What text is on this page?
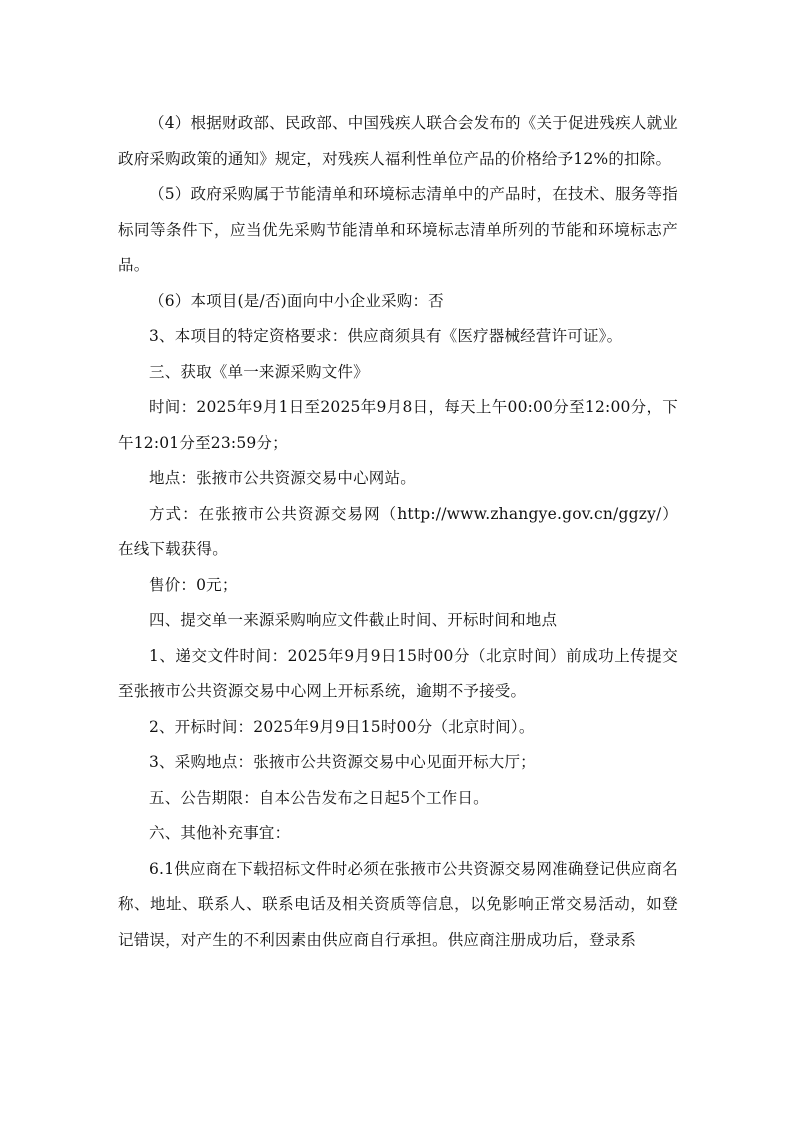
（4）根据财政部、民政部、中国残疾人联合会发布的《关于促进残疾人就业政府采购政策的通知》规定，对残疾人福利性单位产品的价格给予12%的扣除。

（5）政府采购属于节能清单和环境标志清单中的产品时，在技术、服务等指标同等条件下，应当优先采购节能清单和环境标志清单所列的节能和环境标志产品。

（6）本项目(是/否)面向中小企业采购：否

3、本项目的特定资格要求：供应商须具有《医疗器械经营许可证》。

三、获取《单一来源采购文件》

时间：2025年9月1日至2025年9月8日，每天上午00:00分至12:00分，下午12:01分至23:59分；

地点：张掖市公共资源交易中心网站。

方式：在张掖市公共资源交易网（http://www.zhangye.gov.cn/ggzy/）在线下载获得。

售价：0元；

四、提交单一来源采购响应文件截止时间、开标时间和地点

1、递交文件时间：2025年9月9日15时00分（北京时间）前成功上传提交至张掖市公共资源交易中心网上开标系统，逾期不予接受。

2、开标时间：2025年9月9日15时00分（北京时间）。

3、采购地点：张掖市公共资源交易中心见面开标大厅；

五、公告期限：自本公告发布之日起5个工作日。

六、其他补充事宜：

6.1供应商在下载招标文件时必须在张掖市公共资源交易网准确登记供应商名称、地址、联系人、联系电话及相关资质等信息，以免影响正常交易活动，如登记错误，对产生的不利因素由供应商自行承担。供应商注册成功后，登录系
